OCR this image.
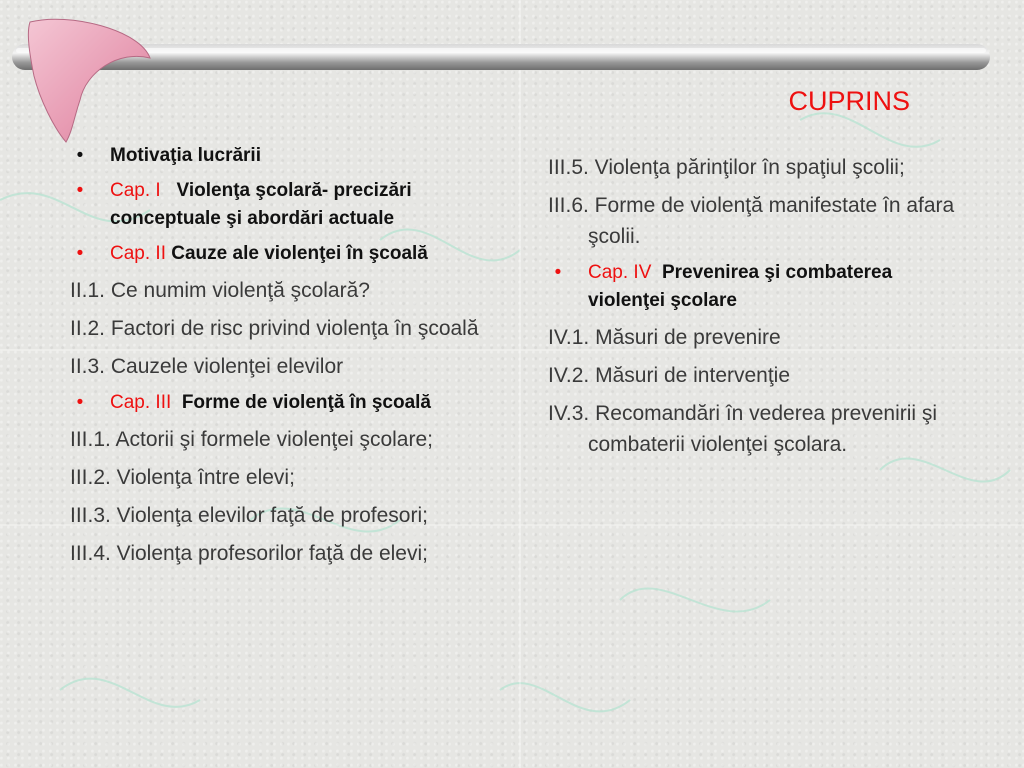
CUPRINS
•	Motivaţia lucrării
•	Cap. I Violenţa şcolară- precizări conceptuale şi abordări actuale
•	Cap. II Cauze ale violenţei în şcoală
II.1. Ce numim violenţă şcolară?
II.2. Factori de risc privind violenţa în şcoală
II.3. Cauzele violenţei elevilor
•	Cap. III Forme de violenţă în şcoală
III.1. Actorii şi formele violenţei şcolare;
III.2. Violenţa între elevi;
III.3. Violenţa elevilor faţă de profesori;
III.4. Violenţa profesorilor faţă de elevi;
III.5. Violenţa părinţilor în spaţiul şcolii;
III.6. Forme de violenţă manifestate în afara şcolii.
•	Cap. IV Prevenirea şi combaterea violenţei şcolare
IV.1. Măsuri de prevenire
IV.2. Măsuri de intervenţie
IV.3. Recomandări în vederea prevenirii şi combaterii violenţei şcolara.
